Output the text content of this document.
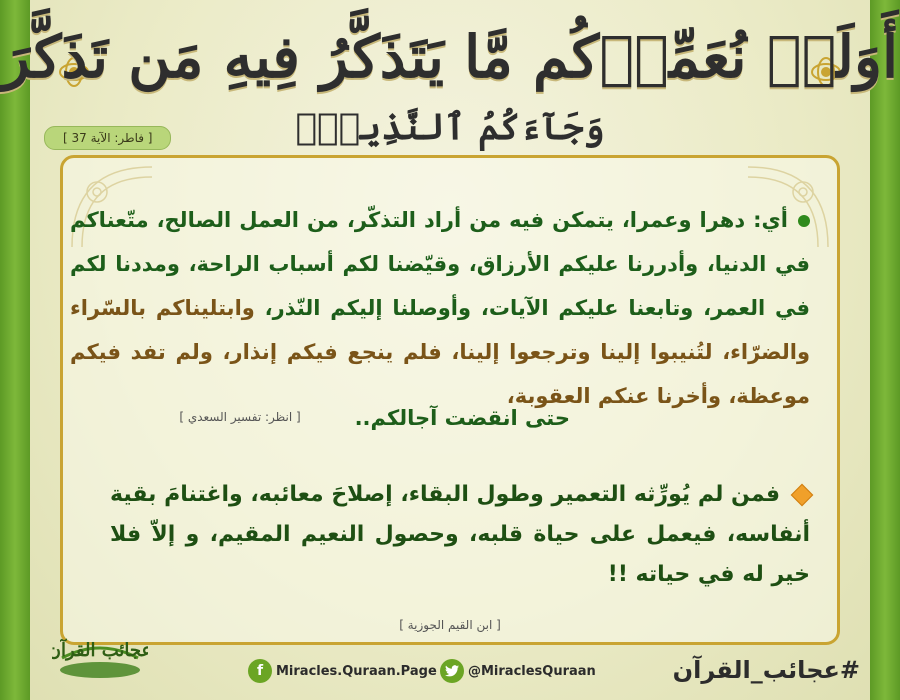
أَوَلَمۡ نُعَمِّرۡكُم مَّا يَتَذَكَّرُ فِيهِ مَن تَذَكَّرَ
وَجَآءَكُمُ ٱلنَّذِيرُۖ
[ فاطر: الآية 37 ]
أي: دهرا وعمرا، يتمكن فيه من أراد التذكّر، من العمل الصالح، متّعناكم في الدنيا، وأدررنا عليكم الأرزاق، وقيّضنا لكم أسباب الراحة، ومددنا لكم في العمر، وتابعنا عليكم الآيات، وأوصلنا إليكم النّذر، وابتليناكم بالسّراء والضرّاء، لتُنيبوا إلينا وترجعوا إلينا، فلم ينجع فيكم إنذار، ولم تفد فيكم موعظة، وأخرنا عنكم العقوبة،
حتى انقضت آجالكم..
[ انظر: تفسير السعدي ]
فمن لم يُورِّثه التعمير وطول البقاء، إصلاحَ معائبه، واغتنامَ بقية أنفاسه، فيعمل على حياة قلبه، وحصول النعيم المقيم، و إلاّ فلا خير له في حياته !!
[ ابن القيم الجوزية ]
عجائب القرآن
f Miracles.Quraan.Page @MiraclesQuraan	#عجائب_القرآن
